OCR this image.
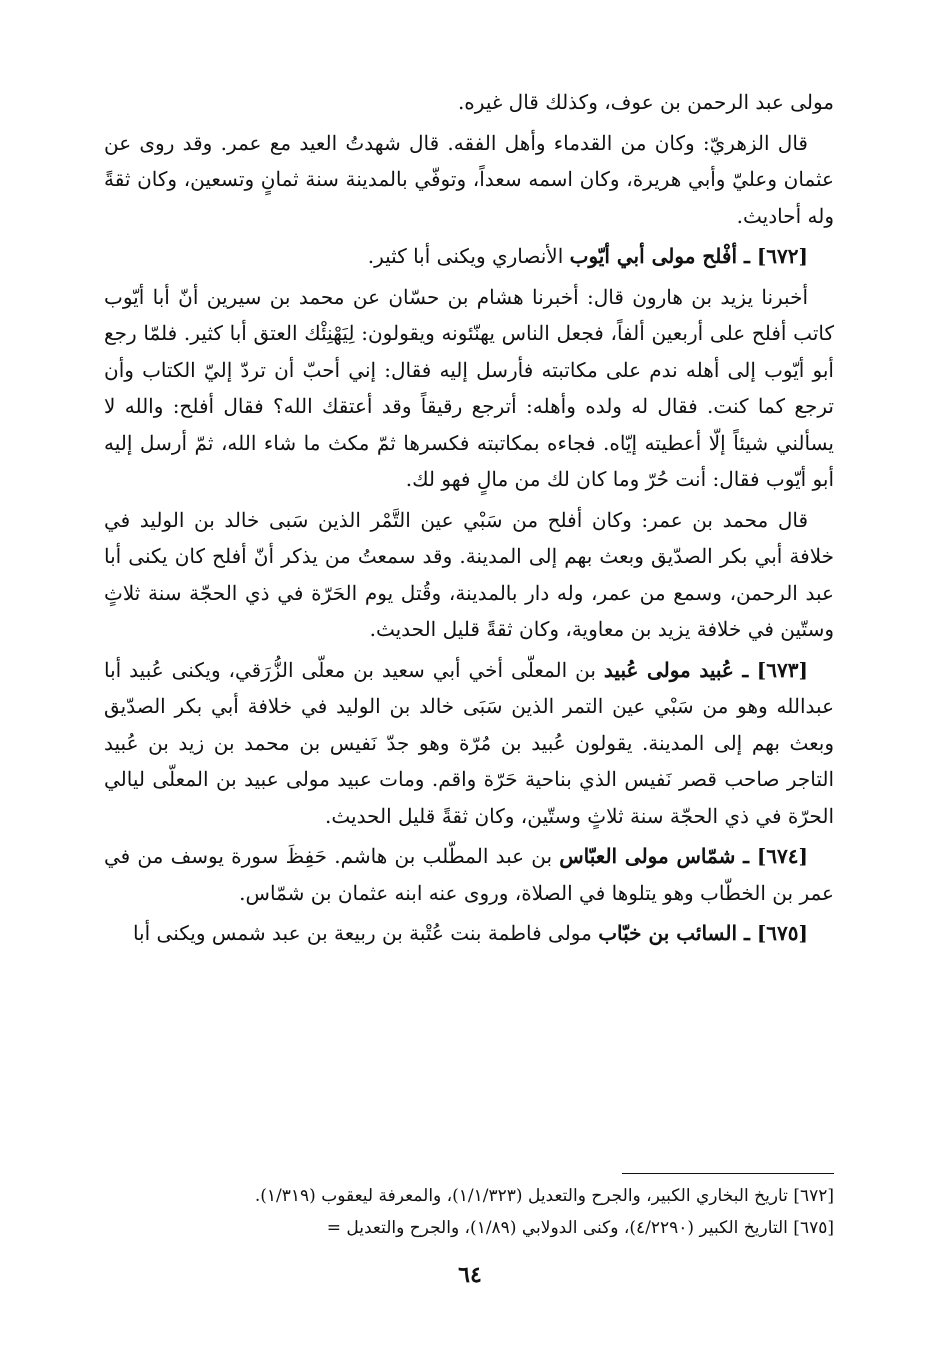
مولى عبد الرحمن بن عوف، وكذلك قال غيره.

قال الزهريّ: وكان من القدماء وأهل الفقه. قال شهدتُ العيد مع عمر. وقد روى عن عثمان وعليّ وأبي هريرة، وكان اسمه سعداً، وتوفّي بالمدينة سنة ثمانٍ وتسعين، وكان ثقةً وله أحاديث.

[٦٧٢] ـ أفْلح مولى أبي أيّوب الأنصاري ويكنى أبا كثير.

أخبرنا يزيد بن هارون قال: أخبرنا هشام بن حسّان عن محمد بن سيرين أنّ أبا أيّوب كاتب أفلح على أربعين ألفاً، فجعل الناس يهنّئونه ويقولون: لِيَهْنِئْك العتق أبا كثير. فلمّا رجع أبو أيّوب إلى أهله ندم على مكاتبته فأرسل إليه فقال: إني أحبّ أن تردّ إليّ الكتاب وأن ترجع كما كنت. فقال له ولده وأهله: أترجع رقيقاً وقد أعتقك الله؟ فقال أفلح: والله لا يسألني شيئاً إلّا أعطيته إيّاه. فجاءه بمكاتبته فكسرها ثمّ مكث ما شاء الله، ثمّ أرسل إليه أبو أيّوب فقال: أنت حُرّ وما كان لك من مالٍ فهو لك.

قال محمد بن عمر: وكان أفلح من سَبْي عين التَّمْر الذين سَبى خالد بن الوليد في خلافة أبي بكر الصدّيق وبعث بهم إلى المدينة. وقد سمعتُ من يذكر أنّ أفلح كان يكنى أبا عبد الرحمن، وسمع من عمر، وله دار بالمدينة، وقُتل يوم الحَرّة في ذي الحجّة سنة ثلاثٍ وستّين في خلافة يزيد بن معاوية، وكان ثقةً قليل الحديث.

[٦٧٣] ـ عُبيد مولى عُبيد بن المعلّى أخي أبي سعيد بن معلّى الزُّرَقي، ويكنى عُبيد أبا عبدالله وهو من سَبْي عين التمر الذين سَبَى خالد بن الوليد في خلافة أبي بكر الصدّيق وبعث بهم إلى المدينة. يقولون عُبيد بن مُرّة وهو جدّ نَفيس بن محمد بن زيد بن عُبيد التاجر صاحب قصر نَفيس الذي بناحية حَرّة واقم. ومات عبيد مولى عبيد بن المعلّى ليالي الحرّة في ذي الحجّة سنة ثلاثٍ وستّين، وكان ثقةً قليل الحديث.

[٦٧٤] ـ شمّاس مولى العبّاس بن عبد المطّلب بن هاشم. حَفِظَ سورة يوسف من في عمر بن الخطّاب وهو يتلوها في الصلاة، وروى عنه ابنه عثمان بن شمّاس.

[٦٧٥] ـ السائب بن خبّاب مولى فاطمة بنت عُتْبة بن ربيعة بن عبد شمس ويكنى أبا

[٦٧٢] تاريخ البخاري الكبير، والجرح والتعديل (١/١/٣٢٣)، والمعرفة ليعقوب (١/٣١٩).

[٦٧٥] التاريخ الكبير (٤/٢٢٩٠)، وكنى الدولابي (١/٨٩)، والجرح والتعديل =

٦٤
